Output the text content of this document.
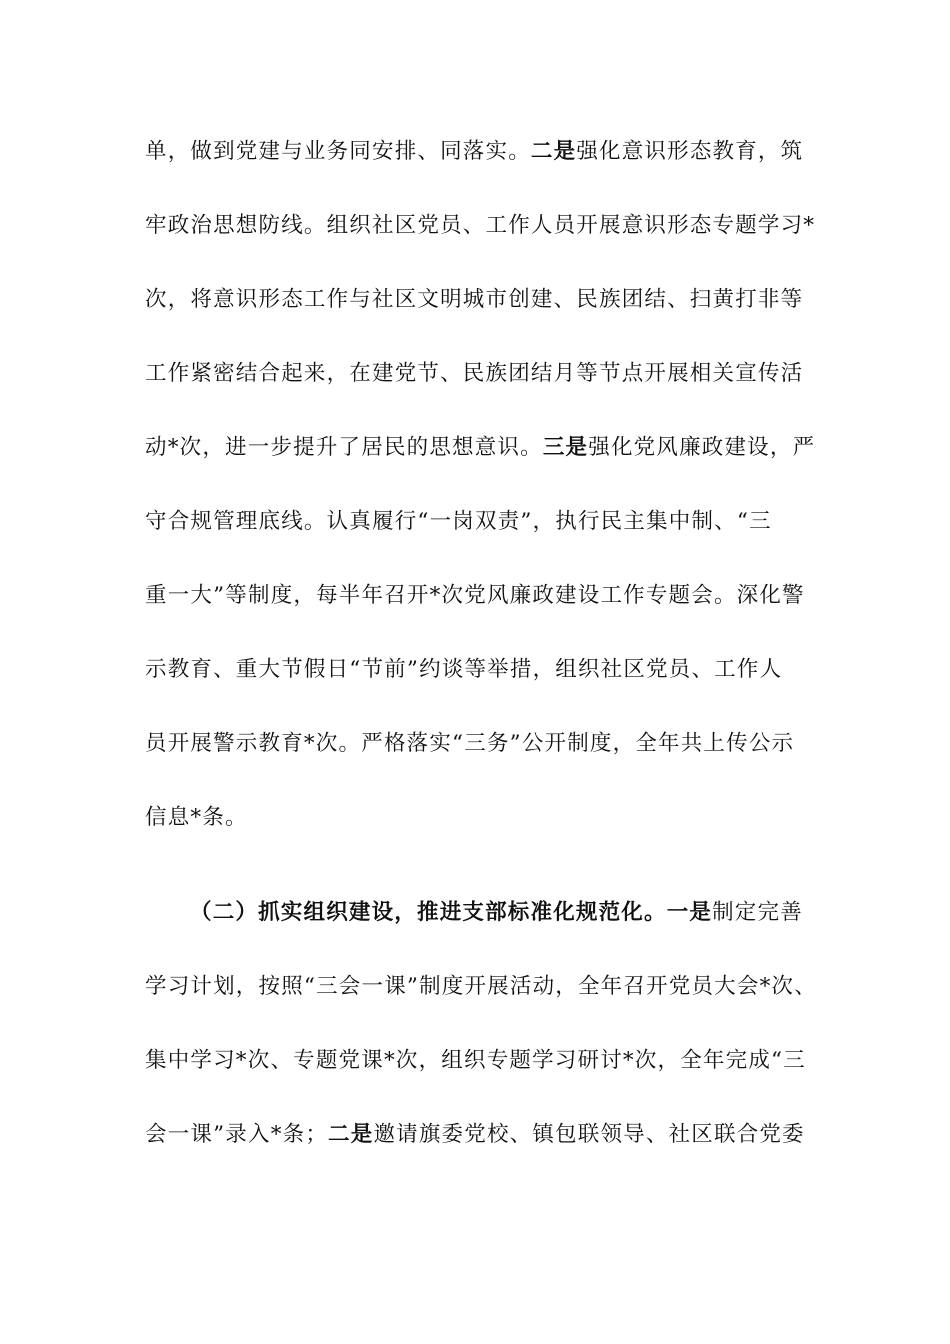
单，做到党建与业务同安排、同落实。二是强化意识形态教育，筑
牢政治思想防线。组织社区党员、工作人员开展意识形态专题学习*
次，将意识形态工作与社区文明城市创建、民族团结、扫黄打非等
工作紧密结合起来，在建党节、民族团结月等节点开展相关宣传活
动*次，进一步提升了居民的思想意识。三是强化党风廉政建设，严
守合规管理底线。认真履行“一岗双责”，执行民主集中制、“三
重一大”等制度，每半年召开*次党风廉政建设工作专题会。深化警
示教育、重大节假日“节前”约谈等举措，组织社区党员、工作人
员开展警示教育*次。严格落实“三务”公开制度，全年共上传公示
信息*条。
（二）抓实组织建设，推进支部标准化规范化。一是制定完善
学习计划，按照“三会一课”制度开展活动，全年召开党员大会*次、
集中学习*次、专题党课*次，组织专题学习研讨*次，全年完成“三
会一课”录入*条；二是邀请旗委党校、镇包联领导、社区联合党委
